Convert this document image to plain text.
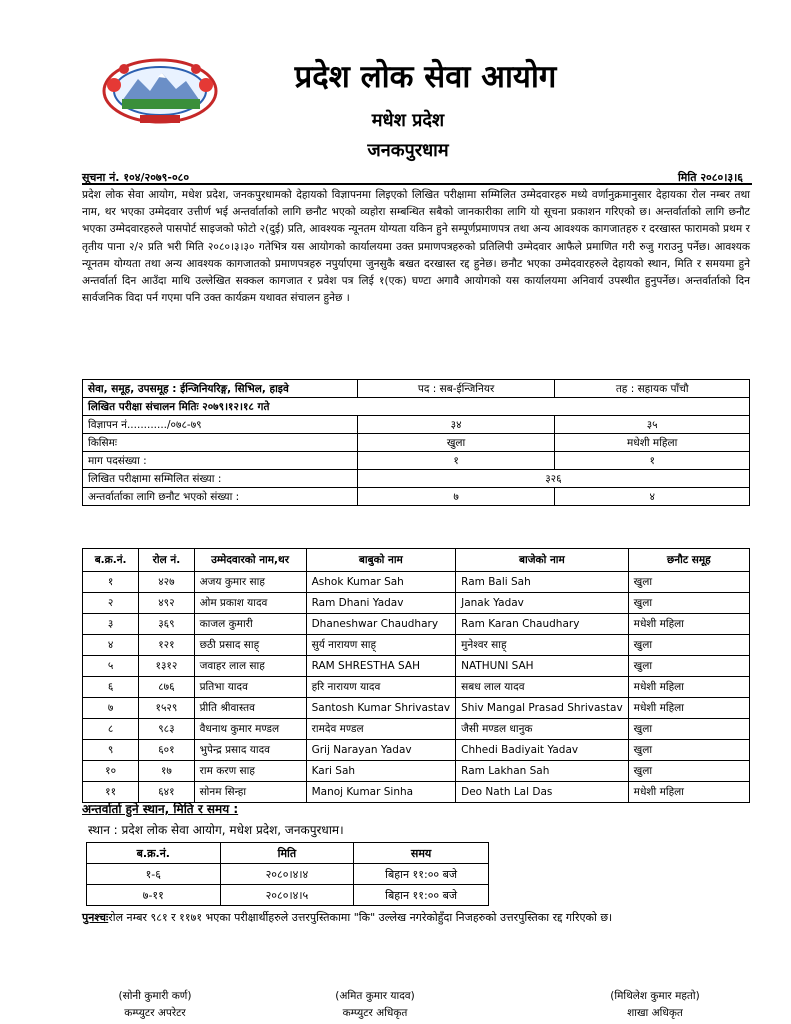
प्रदेश लोक सेवा आयोग
मधेश प्रदेश
जनकपुरधाम
सूचना नं. १०४/२०७९-०८०	मिति २०८०।३।६
प्रदेश लोक सेवा आयोग, मधेश प्रदेश, जनकपुरधामको देहायको विज्ञापनमा लिइएको लिखित परीक्षामा सम्मिलित उम्मेदवारहरु मध्ये वर्णानुक्रमानुसार देहायका रोल नम्बर तथा नाम, थर भएका उम्मेदवार उत्तीर्ण भई अन्तर्वार्ताको लागि छनौट भएको व्यहोरा सम्बन्धित सबैको जानकारीका लागि यो सूचना प्रकाशन गरिएको छ। अन्तर्वार्ताको लागि छनौट भएका उम्मेदवारहरुले पासपोर्ट साइजको फोटो २(दुई) प्रति, आवश्यक न्यूनतम योग्यता यकिन हुने सम्पूर्णप्रमाणपत्र तथा अन्य आवश्यक कागजातहरु र दरखास्त फारामको प्रथम र तृतीय पाना २/२ प्रति भरी मिति २०८०।३।३० गतेभित्र यस आयोगको कार्यालयमा उक्त प्रमाणपत्रहरुको प्रतिलिपी उम्मेदवार आफैले प्रमाणित गरी रुजु गराउनु पर्नेछ। आवश्यक न्यूनतम योग्यता तथा अन्य आवश्यक कागजातको प्रमाणपत्रहरु नपुर्याएमा जुनसुकै बखत दरखास्त रद्द हुनेछ। छनौट भएका उम्मेदवारहरुले देहायको स्थान, मिति र समयमा हुने अन्तर्वार्ता दिन आउँदा माथि उल्लेखित सक्कल कागजात र प्रवेश पत्र लिई १(एक) घण्टा अगावै आयोगको यस कार्यालयमा अनिवार्य उपस्थीत हुनुपर्नेछ। अन्तर्वार्ताको दिन सार्वजनिक विदा पर्न गएमा पनि उक्त कार्यक्रम यथावत संचालन हुनेछ ।
सेवा, समूह, उपसमूह : ईन्जिनियरिङ्ग, सिभिल, हाइवे	पद : सब-ईन्जिनियर	तह : सहायक पाँचौ
लिखित परीक्षा संचालन मितिः २०७९।१२।१८ गते		
विज्ञापन नं............/०७८-७९	३४	३५
किसिमः	खुला	मधेशी महिला
माग पदसंख्या :	१	१
लिखित परीक्षामा सम्मिलित संख्या :	३२६	
अन्तर्वार्ताका लागि छनौट भएको संख्या :	७	४
ब.क्र.नं.	रोल नं.	उम्मेदवारको नाम,थर	बाबुको नाम	बाजेको नाम	छनौट समूह
१	४२७	अजय कुमार साह	Ashok Kumar Sah	Ram Bali Sah	खुला
२	४९२	ओम प्रकाश यादव	Ram Dhani Yadav	Janak Yadav	खुला
३	३६९	काजल कुमारी	Dhaneshwar Chaudhary	Ram Karan Chaudhary	मधेशी महिला
४	१२१	छठी प्रसाद साह्	सुर्य नारायण साह्	मुनेश्वर साह्	खुला
५	१३१२	जवाहर लाल साह	RAM SHRESTHA SAH	NATHUNI SAH	खुला
६	८७६	प्रतिभा यादव	हरि नारायण यादव	सबध लाल यादव	मधेशी महिला
७	१५२९	प्रीति श्रीवास्तव	Santosh Kumar Shrivastav	Shiv Mangal Prasad Shrivastav	मधेशी महिला
८	९८३	वैधनाथ कुमार मण्डल	रामदेव मण्डल	जैसी मण्डल धानुक	खुला
९	६०१	भुपेन्द्र प्रसाद यादव	Grij Narayan Yadav	Chhedi Badiyait Yadav	खुला
१०	१७	राम करण साह	Kari Sah	Ram Lakhan Sah	खुला
११	६४१	सोनम सिन्हा	Manoj Kumar Sinha	Deo Nath Lal Das	मधेशी महिला
अन्तर्वार्ता हुने स्थान, मिति र समय :
स्थान : प्रदेश लोक सेवा आयोग, मधेश प्रदेश, जनकपुरधाम।
ब.क्र.नं.	मिति	समय
१-६	२०८०।४।४	बिहान ११:०० बजे
७-११	२०८०।४।५	बिहान ११:०० बजे
पुनश्चःरोल नम्बर ९८१ र ११७१ भएका परीक्षार्थीहरुले उत्तरपुस्तिकामा "कि" उल्लेख नगरेकोहुँदा निजहरुको उत्तरपुस्तिका रद्द गरिएको छ।
(सोनी कुमारी कर्ण)
कम्प्युटर अपरेटर
(अमित कुमार यादव)
कम्प्युटर अधिकृत
(मिथिलेश कुमार महतो)
शाखा अधिकृत
